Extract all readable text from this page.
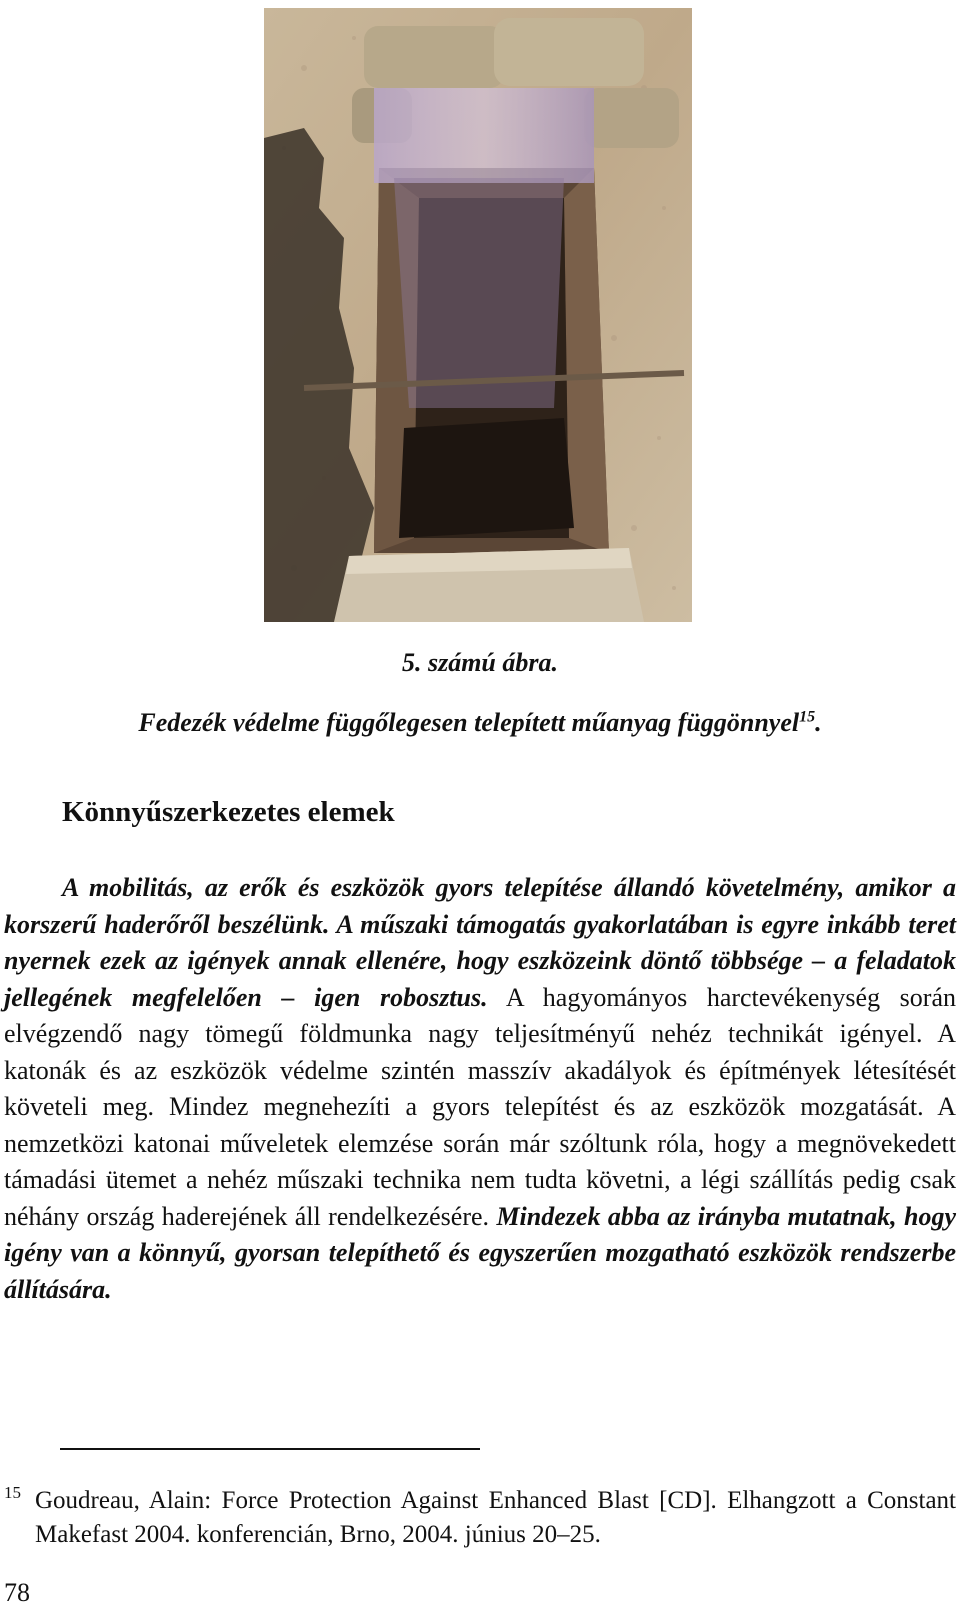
5. számú ábra.
Fedezék védelme függőlegesen telepített műanyag függönnyel$^{15}$.
Könnyűszerkezetes elemek

A mobilitás, az erők és eszközök gyors telepítése állandó követelmény, amikor a korszerű haderőről beszélünk. A műszaki támogatás gyakorlatában is egyre inkább teret nyernek ezek az igények annak ellenére, hogy eszközeink döntő többsége – a feladatok jellegének megfelelően – igen robosztus. A hagyományos harctevékenység során elvégzendő nagy tömegű földmunka nagy teljesítményű nehéz technikát igényel. A katonák és az eszközök védelme szintén masszív akadályok és építmények létesítését követeli meg. Mindez megnehezíti a gyors telepítést és az eszközök mozgatását. A nemzetközi katonai műveletek elemzése során már szóltunk róla, hogy a megnövekedett támadási ütemet a nehéz műszaki technika nem tudta követni, a légi szállítás pedig csak néhány ország haderejének áll rendelkezésére. Mindezek abba az irányba mutatnak, hogy igény van a könnyű, gyorsan telepíthető és egyszerűen mozgatható eszközök rendszerbe állítására.

15 Goudreau, Alain: Force Protection Against Enhanced Blast [CD]. Elhangzott a Constant Makefast 2004. konferencián, Brno, 2004. június 20–25.
78
